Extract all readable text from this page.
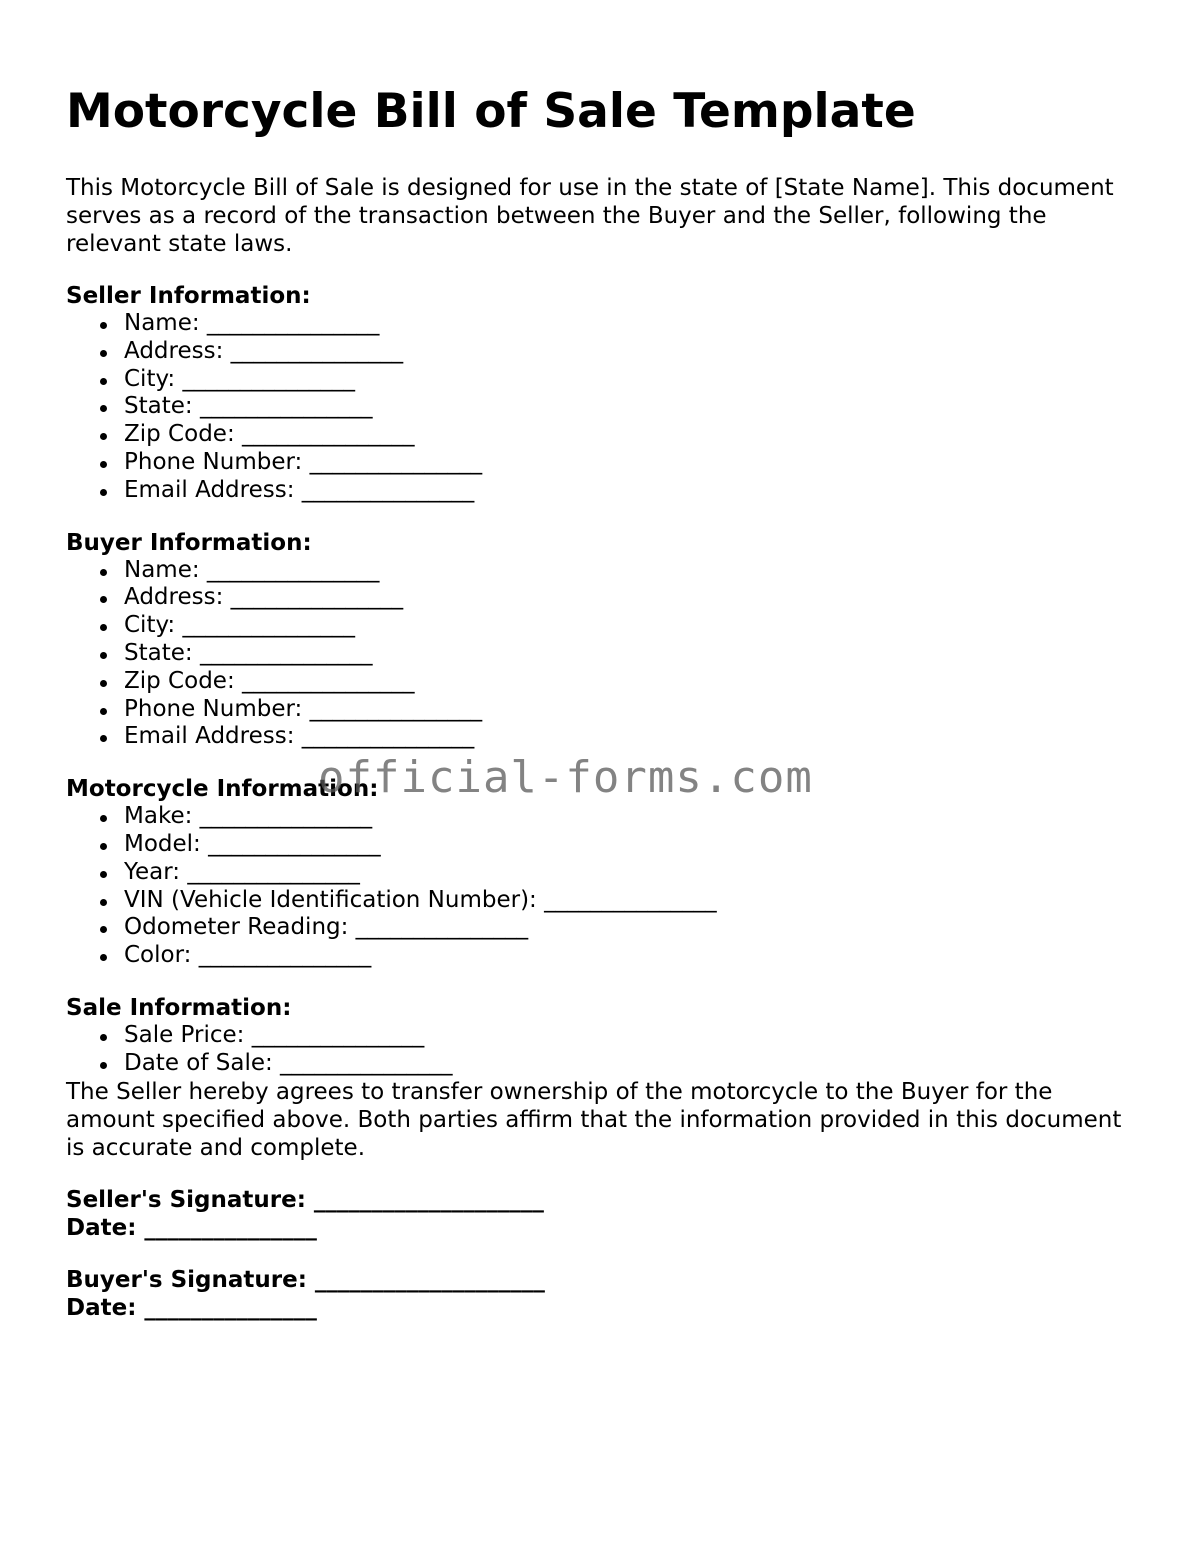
Motorcycle Bill of Sale Template

This Motorcycle Bill of Sale is designed for use in the state of [State Name]. This document serves as a record of the transaction between the Buyer and the Seller, following the relevant state laws.

Seller Information:

Name: _______________
Address: _______________
City: _______________
State: _______________
Zip Code: _______________
Phone Number: _______________
Email Address: _______________

Buyer Information:

Name: _______________
Address: _______________
City: _______________
State: _______________
Zip Code: _______________
Phone Number: _______________
Email Address: _______________

Motorcycle Information:

Make: _______________
Model: _______________
Year: _______________
VIN (Vehicle Identification Number): _______________
Odometer Reading: _______________
Color: _______________

Sale Information:

Sale Price: _______________
Date of Sale: _______________

The Seller hereby agrees to transfer ownership of the motorcycle to the Buyer for the amount specified above. Both parties affirm that the information provided in this document is accurate and complete.

Seller's Signature: ____________________

Date: _______________

Buyer's Signature: ____________________

Date: _______________

official-forms.com
